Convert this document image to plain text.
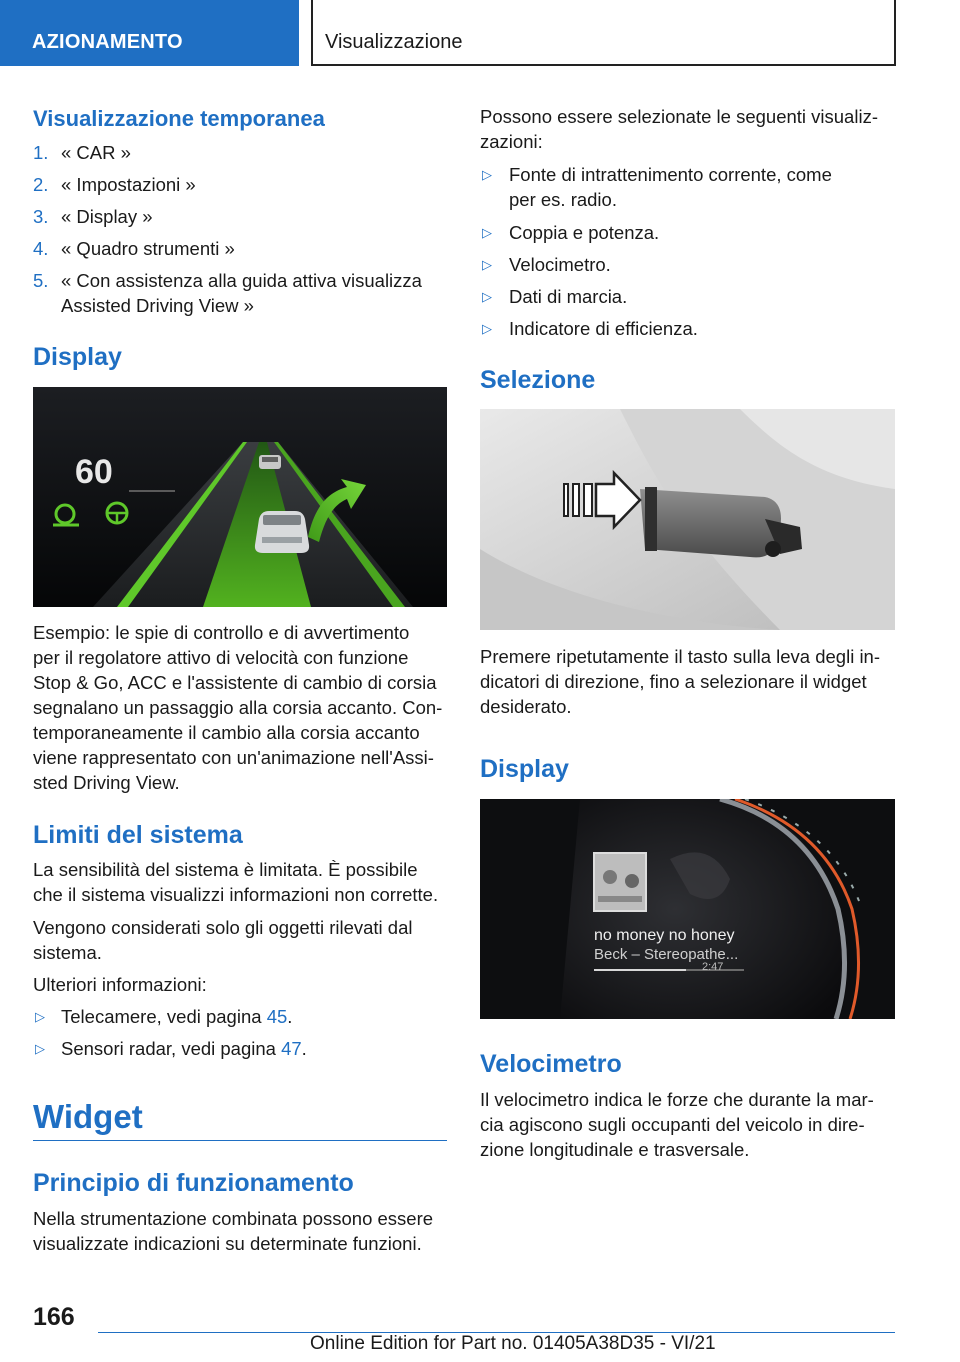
AZIONAMENTO	Visualizzazione
Visualizzazione temporanea
1. « CAR »
2. « Impostazioni »
3. « Display »
4. « Quadro strumenti »
5. « Con assistenza alla guida attiva visualizza
Assisted Driving View »
Display
60
Esempio: le spie di controllo e di avvertimento
per il regolatore attivo di velocità con funzione
Stop & Go, ACC e l'assistente di cambio di corsia
segnalano un passaggio alla corsia accanto. Con-
temporaneamente il cambio alla corsia accanto
viene rappresentato con un'animazione nell'Assi-
sted Driving View.
Limiti del sistema
La sensibilità del sistema è limitata. È possibile
che il sistema visualizzi informazioni non corrette.
Vengono considerati solo gli oggetti rilevati dal
sistema.
Ulteriori informazioni:
▷ Telecamere, vedi pagina 45.
▷ Sensori radar, vedi pagina 47.
Widget
Principio di funzionamento
Nella strumentazione combinata possono essere
visualizzate indicazioni su determinate funzioni.
Possono essere selezionate le seguenti visualiz-
zazioni:
▷ Fonte di intrattenimento corrente, come
per es. radio.
▷ Coppia e potenza.
▷ Velocimetro.
▷ Dati di marcia.
▷ Indicatore di efficienza.
Selezione
Premere ripetutamente il tasto sulla leva degli in-
dicatori di direzione, fino a selezionare il widget
desiderato.
Display
no money no honey
Beck – Stereopathe...
2:47
Velocimetro
Il velocimetro indica le forze che durante la mar-
cia agiscono sugli occupanti del veicolo in dire-
zione longitudinale e trasversale.
166
Online Edition for Part no. 01405A38D35 - VI/21
